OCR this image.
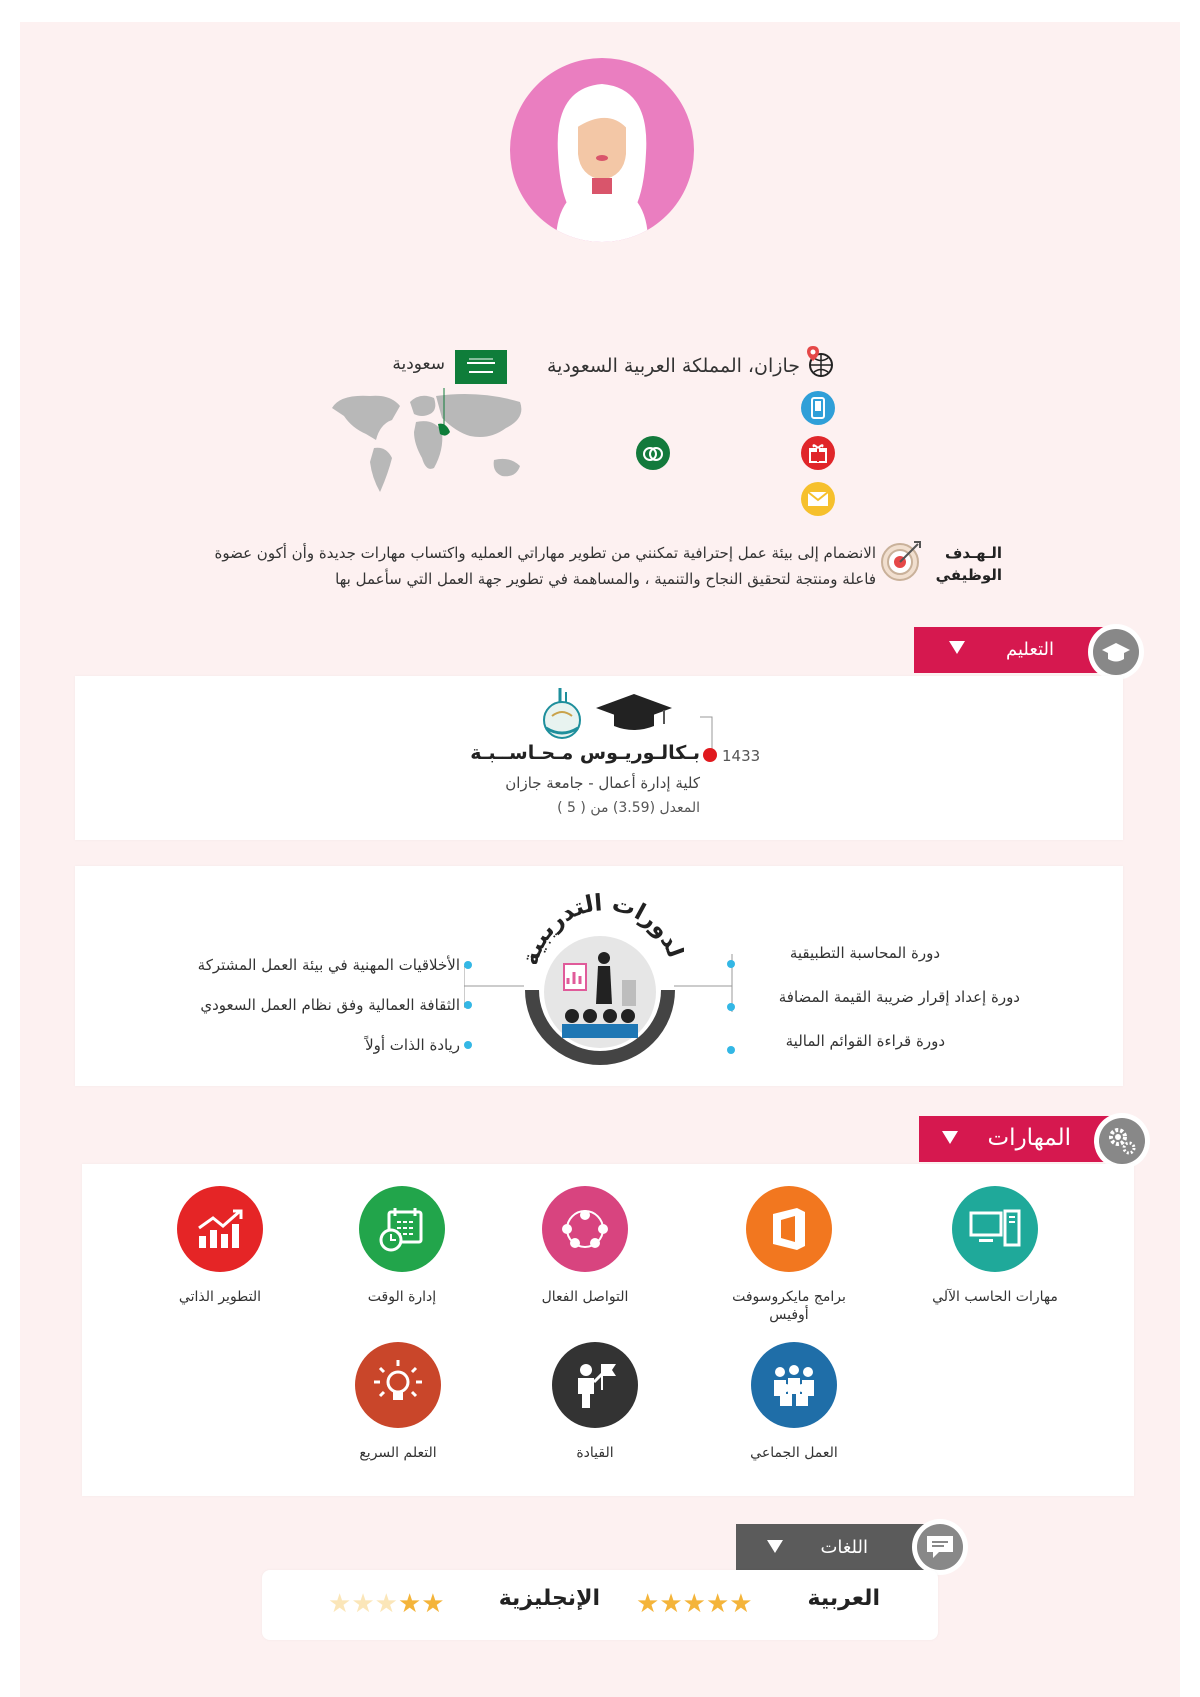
جازان، المملكة العربية السعودية
سعودية
الـهـدف الوظيفي
الانضمام إلى بيئة عمل إحترافية تمكنني من تطوير مهاراتي العمليه واكتساب مهارات جديدة وأن أكون عضوة فاعلة ومنتجة لتحقيق النجاح والتنمية ، والمساهمة في تطوير جهة العمل التي سأعمل بها
التعليم
1433
بـكالـوريـوس مـحـاســبـة
كلية إدارة أعمال - جامعة جازان
المعدل (3.59) من ( 5 )
دورات التدريبي
الأخلاقيات المهنية في بيئة العمل المشتركة
الثقافة العمالية وفق نظام العمل السعودي
ريادة الذات أولاً
دورة المحاسبة التطبيقية
دورة إعداد إقرار ضريبة القيمة المضافة
دورة قراءة القوائم المالية
المهارات
مهارات الحاسب الآلي
برامج مايكروسوفت أوفيس
التواصل الفعال
إدارة الوقت
التطوير الذاتي
العمل الجماعي
القيادة
التعلم السريع
اللغات
العربية
★★★★★
الإنجليزية
★★★★★
